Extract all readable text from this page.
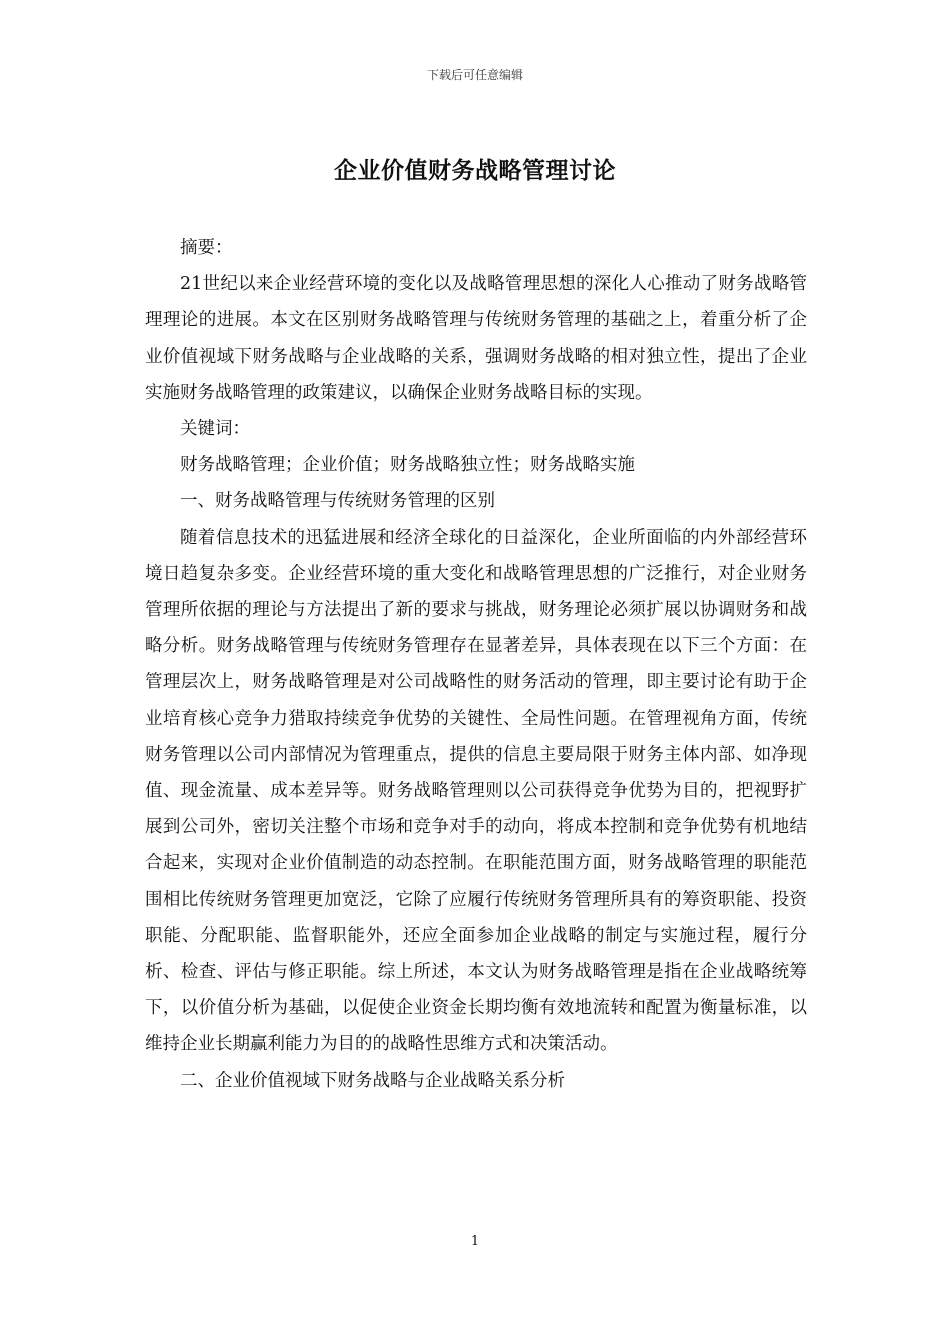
下载后可任意编辑
企业价值财务战略管理讨论

摘要：

21世纪以来企业经营环境的变化以及战略管理思想的深化人心推动了财务战略管理理论的进展。本文在区别财务战略管理与传统财务管理的基础之上，着重分析了企业价值视域下财务战略与企业战略的关系，强调财务战略的相对独立性，提出了企业实施财务战略管理的政策建议，以确保企业财务战略目标的实现。

关键词：

财务战略管理；企业价值；财务战略独立性；财务战略实施

一、财务战略管理与传统财务管理的区别

随着信息技术的迅猛进展和经济全球化的日益深化，企业所面临的内外部经营环境日趋复杂多变。企业经营环境的重大变化和战略管理思想的广泛推行，对企业财务管理所依据的理论与方法提出了新的要求与挑战，财务理论必须扩展以协调财务和战略分析。财务战略管理与传统财务管理存在显著差异，具体表现在以下三个方面：在管理层次上，财务战略管理是对公司战略性的财务活动的管理，即主要讨论有助于企业培育核心竞争力猎取持续竞争优势的关键性、全局性问题。在管理视角方面，传统财务管理以公司内部情况为管理重点，提供的信息主要局限于财务主体内部、如净现值、现金流量、成本差异等。财务战略管理则以公司获得竞争优势为目的，把视野扩展到公司外，密切关注整个市场和竞争对手的动向，将成本控制和竞争优势有机地结合起来，实现对企业价值制造的动态控制。在职能范围方面，财务战略管理的职能范围相比传统财务管理更加宽泛，它除了应履行传统财务管理所具有的筹资职能、投资职能、分配职能、监督职能外，还应全面参加企业战略的制定与实施过程，履行分析、检查、评估与修正职能。综上所述，本文认为财务战略管理是指在企业战略统筹下，以价值分析为基础，以促使企业资金长期均衡有效地流转和配置为衡量标准，以维持企业长期赢利能力为目的的战略性思维方式和决策活动。

二、企业价值视域下财务战略与企业战略关系分析

1
